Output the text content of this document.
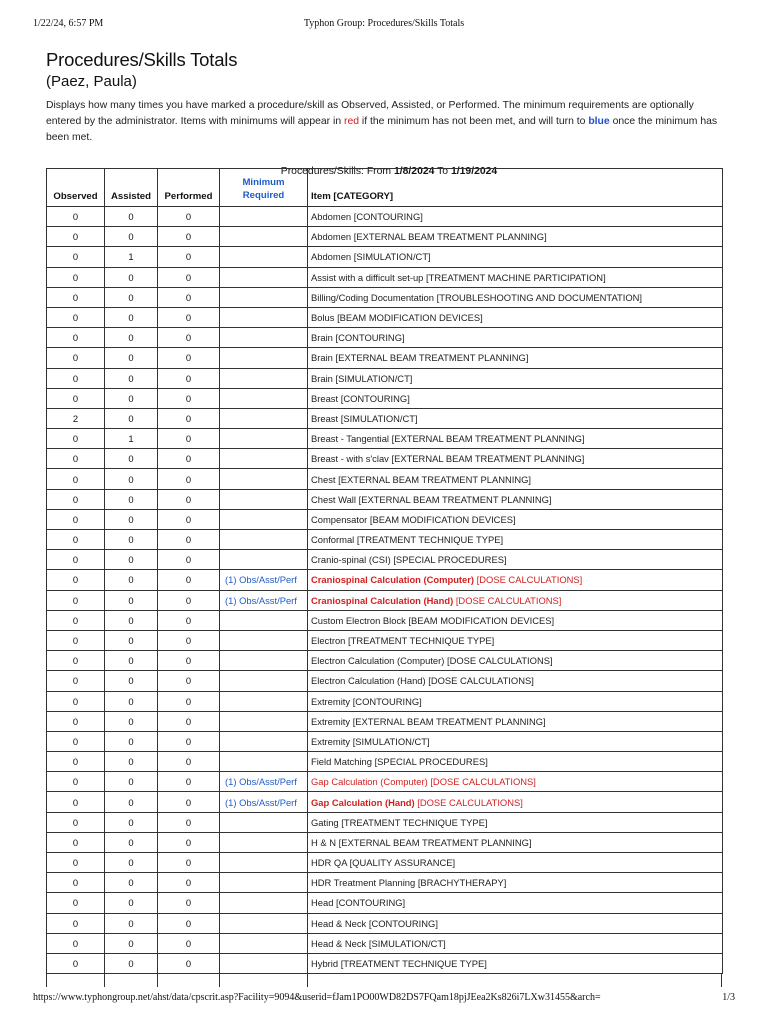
1/22/24, 6:57 PM	Typhon Group: Procedures/Skills Totals
Procedures/Skills Totals
(Paez, Paula)
Displays how many times you have marked a procedure/skill as Observed, Assisted, or Performed. The minimum requirements are optionally entered by the administrator. Items with minimums will appear in red if the minimum has not been met, and will turn to blue once the minimum has been met.
Procedures/Skills: From 1/8/2024 To 1/19/2024
Observed	Assisted	Performed	Minimum Required	Item [CATEGORY]
0	0	0		Abdomen [CONTOURING]
0	0	0		Abdomen [EXTERNAL BEAM TREATMENT PLANNING]
0	1	0		Abdomen [SIMULATION/CT]
0	0	0		Assist with a difficult set-up [TREATMENT MACHINE PARTICIPATION]
0	0	0		Billing/Coding Documentation [TROUBLESHOOTING AND DOCUMENTATION]
0	0	0		Bolus [BEAM MODIFICATION DEVICES]
0	0	0		Brain [CONTOURING]
0	0	0		Brain [EXTERNAL BEAM TREATMENT PLANNING]
0	0	0		Brain [SIMULATION/CT]
0	0	0		Breast [CONTOURING]
2	0	0		Breast [SIMULATION/CT]
0	1	0		Breast - Tangential [EXTERNAL BEAM TREATMENT PLANNING]
0	0	0		Breast - with s'clav [EXTERNAL BEAM TREATMENT PLANNING]
0	0	0		Chest [EXTERNAL BEAM TREATMENT PLANNING]
0	0	0		Chest Wall [EXTERNAL BEAM TREATMENT PLANNING]
0	0	0		Compensator [BEAM MODIFICATION DEVICES]
0	0	0		Conformal [TREATMENT TECHNIQUE TYPE]
0	0	0		Cranio-spinal (CSI) [SPECIAL PROCEDURES]
0	0	0	(1) Obs/Asst/Perf	Craniospinal Calculation (Computer) [DOSE CALCULATIONS]
0	0	0	(1) Obs/Asst/Perf	Craniospinal Calculation (Hand) [DOSE CALCULATIONS]
0	0	0		Custom Electron Block [BEAM MODIFICATION DEVICES]
0	0	0		Electron [TREATMENT TECHNIQUE TYPE]
0	0	0		Electron Calculation (Computer) [DOSE CALCULATIONS]
0	0	0		Electron Calculation (Hand) [DOSE CALCULATIONS]
0	0	0		Extremity [CONTOURING]
0	0	0		Extremity [EXTERNAL BEAM TREATMENT PLANNING]
0	0	0		Extremity [SIMULATION/CT]
0	0	0		Field Matching [SPECIAL PROCEDURES]
0	0	0	(1) Obs/Asst/Perf	Gap Calculation (Computer) [DOSE CALCULATIONS]
0	0	0	(1) Obs/Asst/Perf	Gap Calculation (Hand) [DOSE CALCULATIONS]
0	0	0		Gating [TREATMENT TECHNIQUE TYPE]
0	0	0		H & N [EXTERNAL BEAM TREATMENT PLANNING]
0	0	0		HDR QA [QUALITY ASSURANCE]
0	0	0		HDR Treatment Planning [BRACHYTHERAPY]
0	0	0		Head [CONTOURING]
0	0	0		Head & Neck [CONTOURING]
0	0	0		Head & Neck [SIMULATION/CT]
0	0	0		Hybrid [TREATMENT TECHNIQUE TYPE]
https://www.typhongroup.net/ahst/data/cpscrit.asp?Facility=9094&userid=fJam1PO00WD82DS7FQam18pjJEea2Ks826i7LXw31455&arch=	1/3
